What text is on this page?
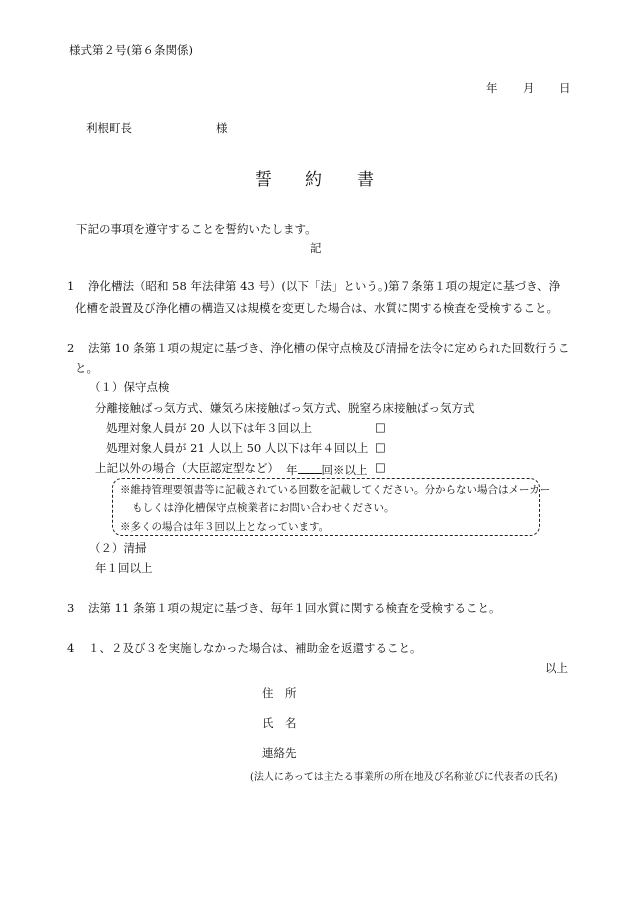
様式第２号(第６条関係)
年 月 日
利根町長	様
誓 約 書
下記の事項を遵守することを誓約いたします。
記
1 浄化槽法（昭和 58 年法律第 43 号）(以下「法」という。)第７条第１項の規定に基づき、浄
化槽を設置及び浄化槽の構造又は規模を変更した場合は、水質に関する検査を受検すること。
2 法第 10 条第１項の規定に基づき、浄化槽の保守点検及び清掃を法令に定められた回数行うこ
と。
（１）保守点検
分離接触ばっ気方式、嫌気ろ床接触ばっ気方式、脱窒ろ床接触ばっ気方式
処理対象人員が 20 人以下は年３回以上	□
処理対象人員が 21 人以上 50 人以下は年４回以上 □
上記以外の場合（大臣認定型など） 年 回※以上 □
※維持管理要領書等に記載されている回数を記載してください。分からない場合はメーカー
もしくは浄化槽保守点検業者にお問い合わせください。
※多くの場合は年３回以上となっています。
（２）清掃
年１回以上
3 法第 11 条第１項の規定に基づき、毎年１回水質に関する検査を受検すること。
4 １、２及び３を実施しなかった場合は、補助金を返還すること。
以上
住　所
氏　名
連絡先
(法人にあっては主たる事業所の所在地及び名称並びに代表者の氏名)
